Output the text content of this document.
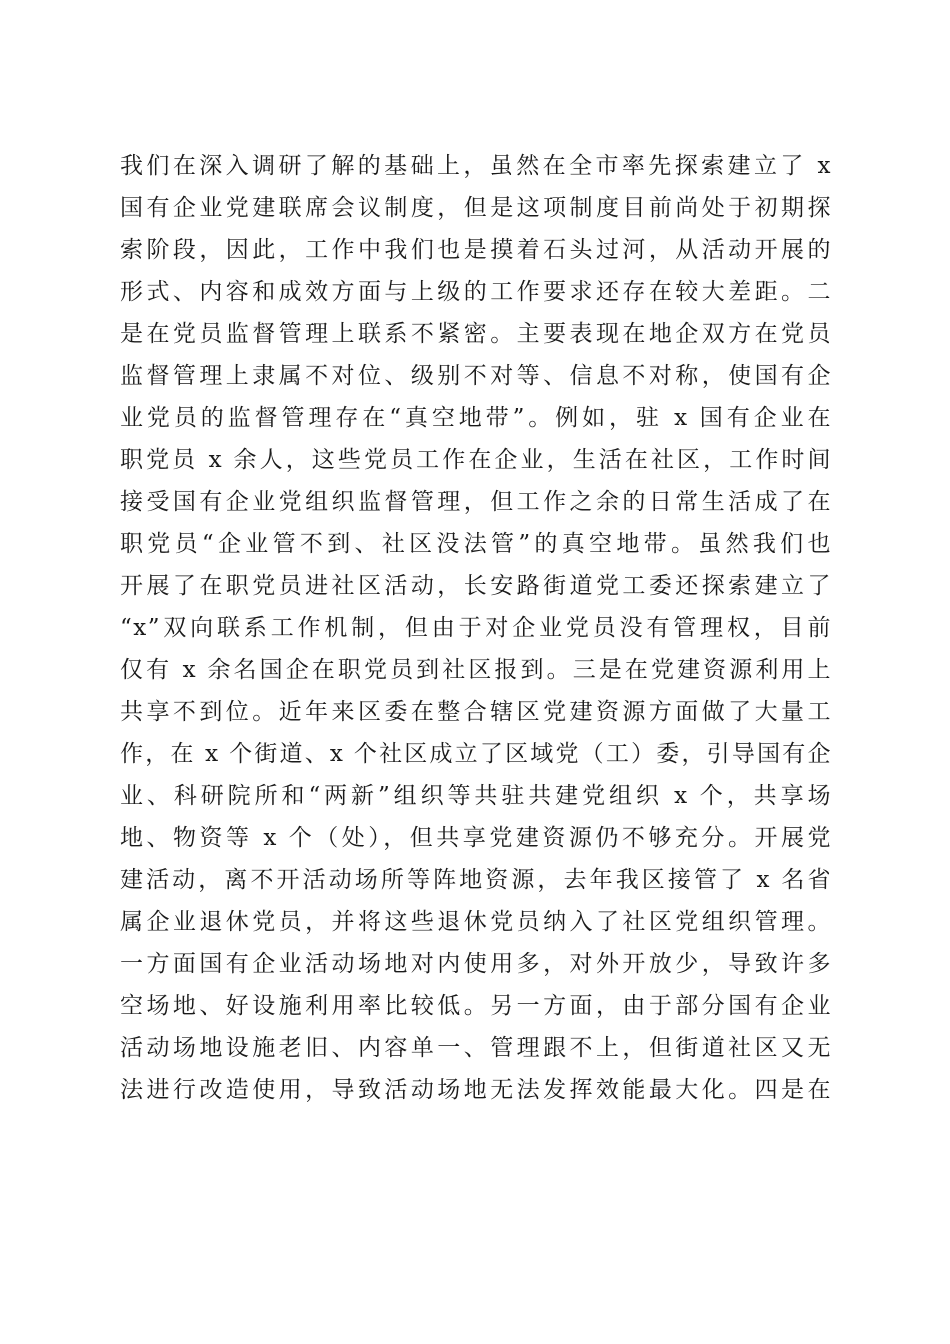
我们在深入调研了解的基础上，虽然在全市率先探索建立了 x
国有企业党建联席会议制度，但是这项制度目前尚处于初期探
索阶段，因此，工作中我们也是摸着石头过河，从活动开展的
形式、内容和成效方面与上级的工作要求还存在较大差距。二
是在党员监督管理上联系不紧密。主要表现在地企双方在党员
监督管理上隶属不对位、级别不对等、信息不对称，使国有企
业党员的监督管理存在“真空地带”。例如，驻 x 国有企业在
职党员 x 余人，这些党员工作在企业，生活在社区，工作时间
接受国有企业党组织监督管理，但工作之余的日常生活成了在
职党员“企业管不到、社区没法管”的真空地带。虽然我们也
开展了在职党员进社区活动，长安路街道党工委还探索建立了
“x”双向联系工作机制，但由于对企业党员没有管理权，目前
仅有 x 余名国企在职党员到社区报到。三是在党建资源利用上
共享不到位。近年来区委在整合辖区党建资源方面做了大量工
作，在 x 个街道、x 个社区成立了区域党（工）委，引导国有企
业、科研院所和“两新”组织等共驻共建党组织 x 个，共享场
地、物资等 x 个（处），但共享党建资源仍不够充分。开展党
建活动，离不开活动场所等阵地资源，去年我区接管了 x 名省
属企业退休党员，并将这些退休党员纳入了社区党组织管理。
一方面国有企业活动场地对内使用多，对外开放少，导致许多
空场地、好设施利用率比较低。另一方面，由于部分国有企业
活动场地设施老旧、内容单一、管理跟不上，但街道社区又无
法进行改造使用，导致活动场地无法发挥效能最大化。四是在
